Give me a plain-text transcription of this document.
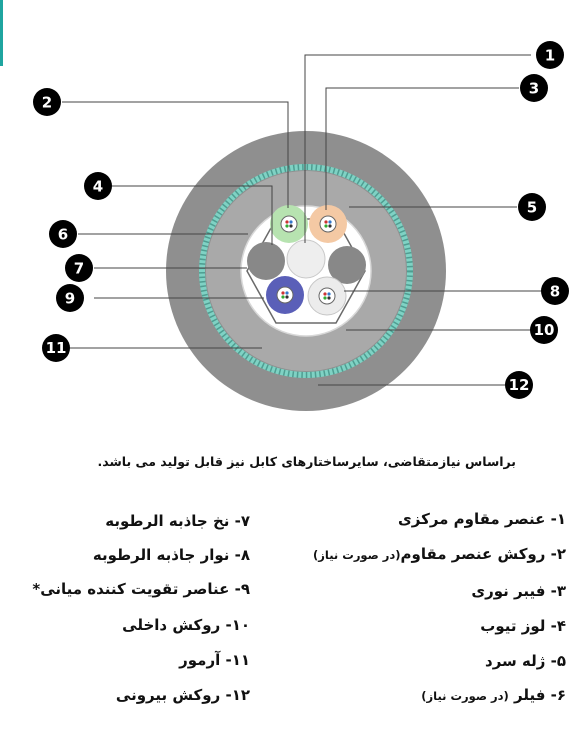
1
2
3
4
5
6
7
8
9
10
11
12
براساس نیازمتقاضی، سایرساختارهای کابل نیز قابل تولید می باشد.
۱- عنصر مقاوم مرکزی
۲- روکش عنصر مقاوم(در صورت نیاز)
۳- فیبر نوری
۴- لوز تیوب
۵- ژله سرد
۶- فیلر (در صورت نیاز)
۷- نخ جاذبه الرطوبه
۸- نوار جاذبه الرطوبه
۹- عناصر تقویت کننده میانی*
۱۰- روکش داخلی
۱۱- آرمور
۱۲- روکش بیرونی
